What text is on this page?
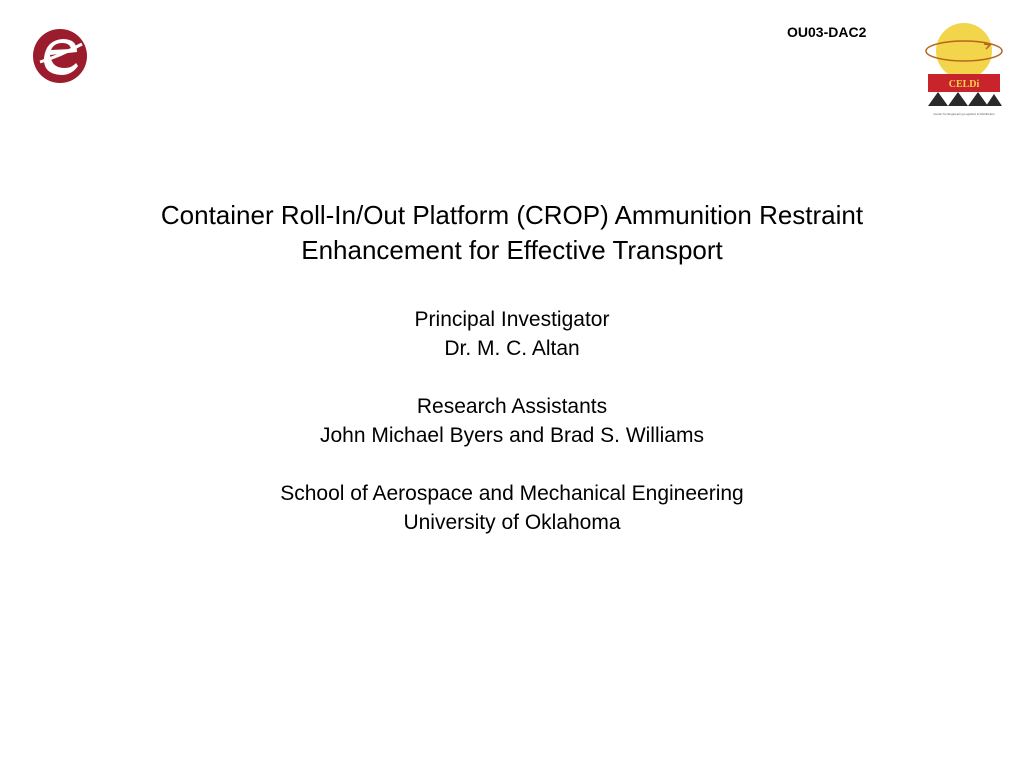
OU03-DAC2
CELDi
Center for Engineering Logistics & Distribution
Container Roll-In/Out Platform (CROP) Ammunition Restraint
Enhancement for Effective Transport
Principal Investigator
Dr. M. C. Altan
Research Assistants
John Michael Byers and Brad S. Williams
School of Aerospace and Mechanical Engineering
University of Oklahoma
